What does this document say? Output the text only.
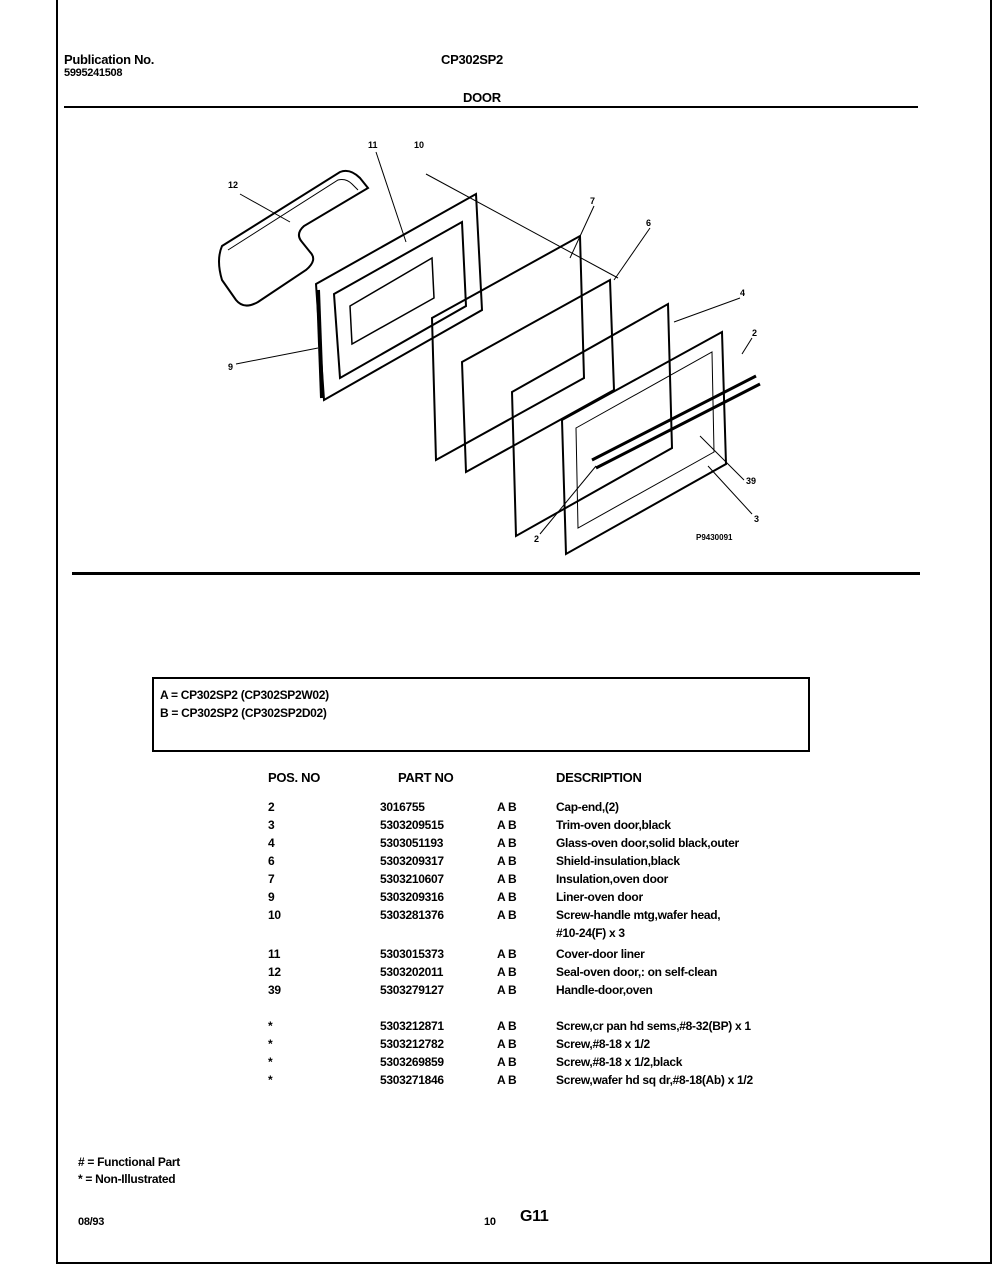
Publication No.
5995241508
CP302SP2
DOOR
12
11	10
7
6
4
2
39
3
2
9
P9430091
A = CP302SP2 (CP302SP2W02)
B = CP302SP2 (CP302SP2D02)
POS. NO	PART NO	DESCRIPTION
2	3016755	A B	Cap-end,(2)
3	5303209515	A B	Trim-oven door,black
4	5303051193	A B	Glass-oven door,solid black,outer
6	5303209317	A B	Shield-insulation,black
7	5303210607	A B	Insulation,oven door
9	5303209316	A B	Liner-oven door
10	5303281376	A B	Screw-handle mtg,wafer head,
#10-24(F) x 3
11	5303015373	A B	Cover-door liner
12	5303202011	A B	Seal-oven door,: on self-clean
39	5303279127	A B	Handle-door,oven
*	5303212871	A B	Screw,cr pan hd sems,#8-32(BP) x 1
*	5303212782	A B	Screw,#8-18 x 1/2
*	5303269859	A B	Screw,#8-18 x 1/2,black
*	5303271846	A B	Screw,wafer hd sq dr,#8-18(Ab) x 1/2
# = Functional Part
* = Non-Illustrated
08/93	10 G11
